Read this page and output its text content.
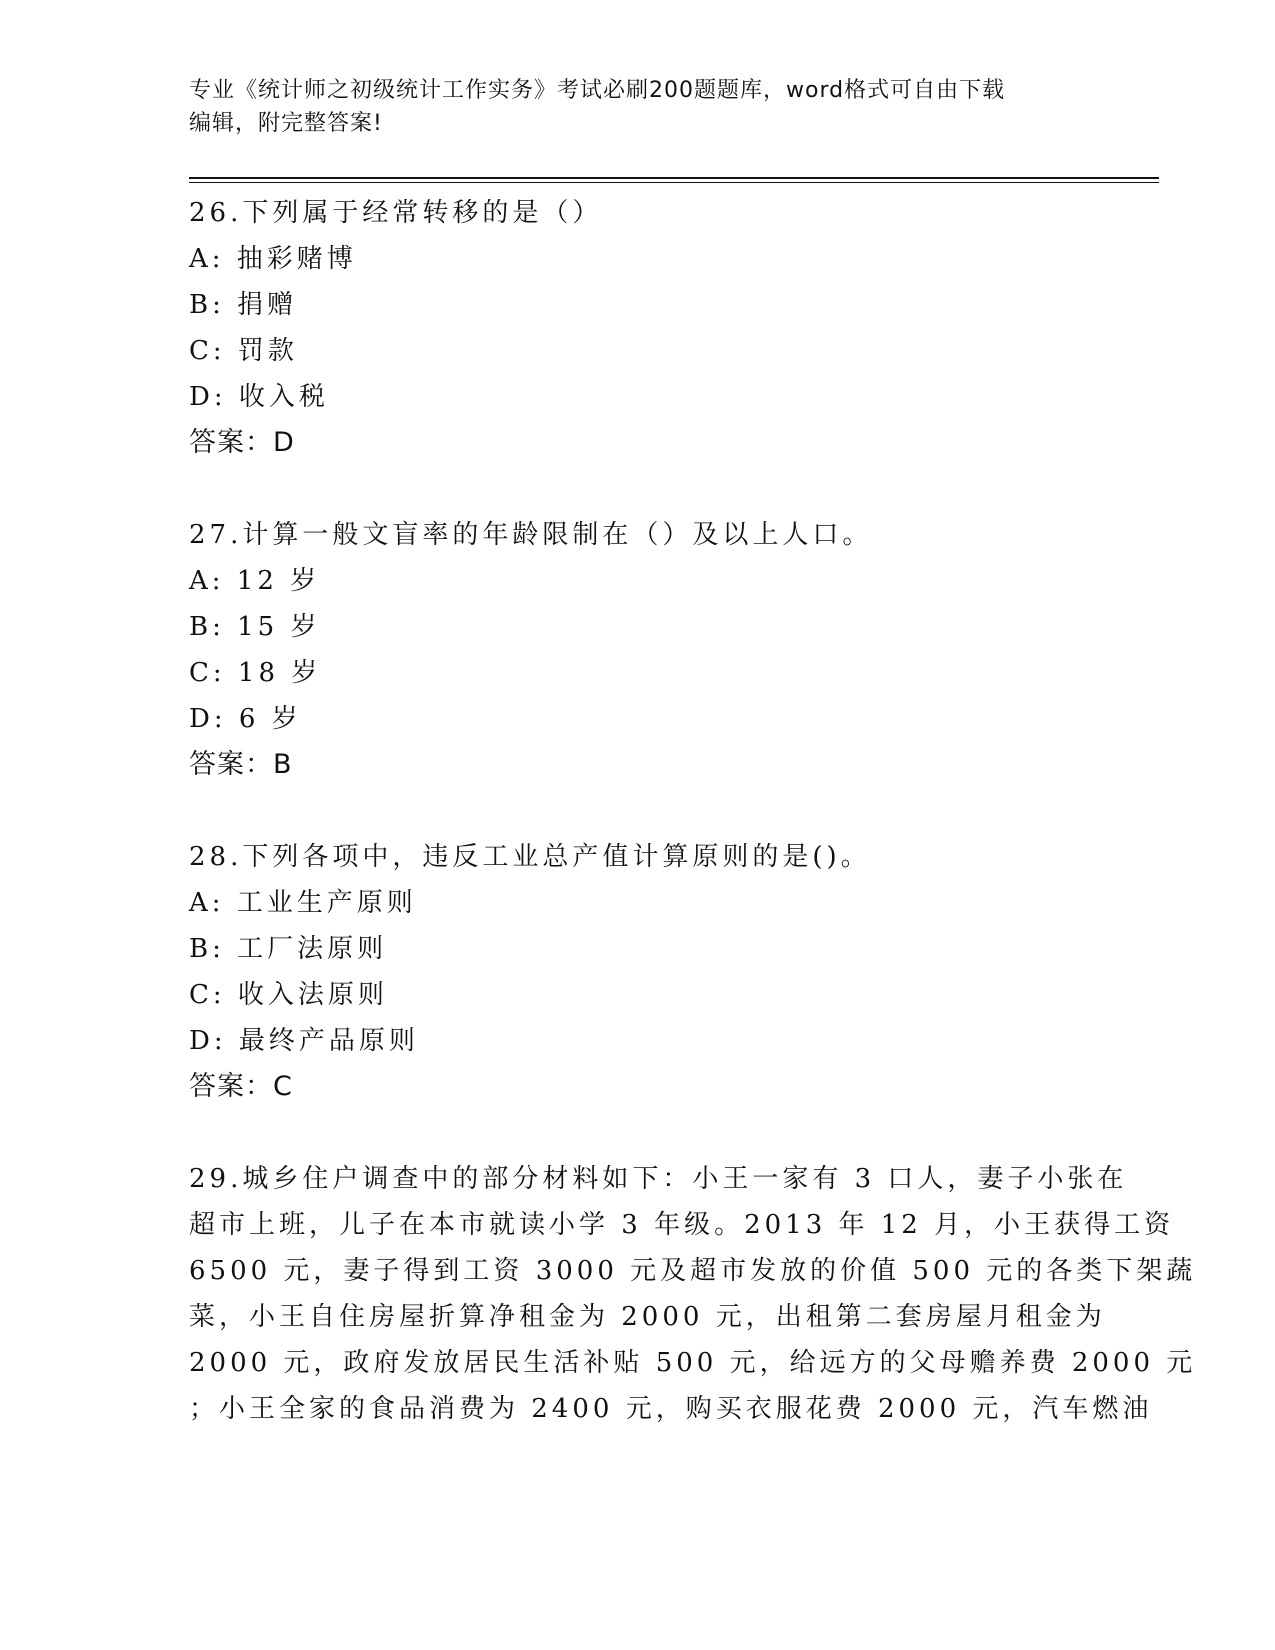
专业《统计师之初级统计工作实务》考试必刷200题题库，word格式可自由下载
编辑，附完整答案!
26.下列属于经常转移的是（）
A: 抽彩赌博
B: 捐赠
C: 罚款
D: 收入税
答案：D
27.计算一般文盲率的年龄限制在（）及以上人口。
A: 12 岁
B: 15 岁
C: 18 岁
D: 6 岁
答案：B
28.下列各项中，违反工业总产值计算原则的是()。
A: 工业生产原则
B: 工厂法原则
C: 收入法原则
D: 最终产品原则
答案：C
29.城乡住户调查中的部分材料如下：小王一家有 3 口人，妻子小张在
超市上班，儿子在本市就读小学 3 年级。2013 年 12 月，小王获得工资
6500 元，妻子得到工资 3000 元及超市发放的价值 500 元的各类下架蔬
菜，小王自住房屋折算净租金为 2000 元，出租第二套房屋月租金为
2000 元，政府发放居民生活补贴 500 元，给远方的父母赡养费 2000 元
；小王全家的食品消费为 2400 元，购买衣服花费 2000 元，汽车燃油
